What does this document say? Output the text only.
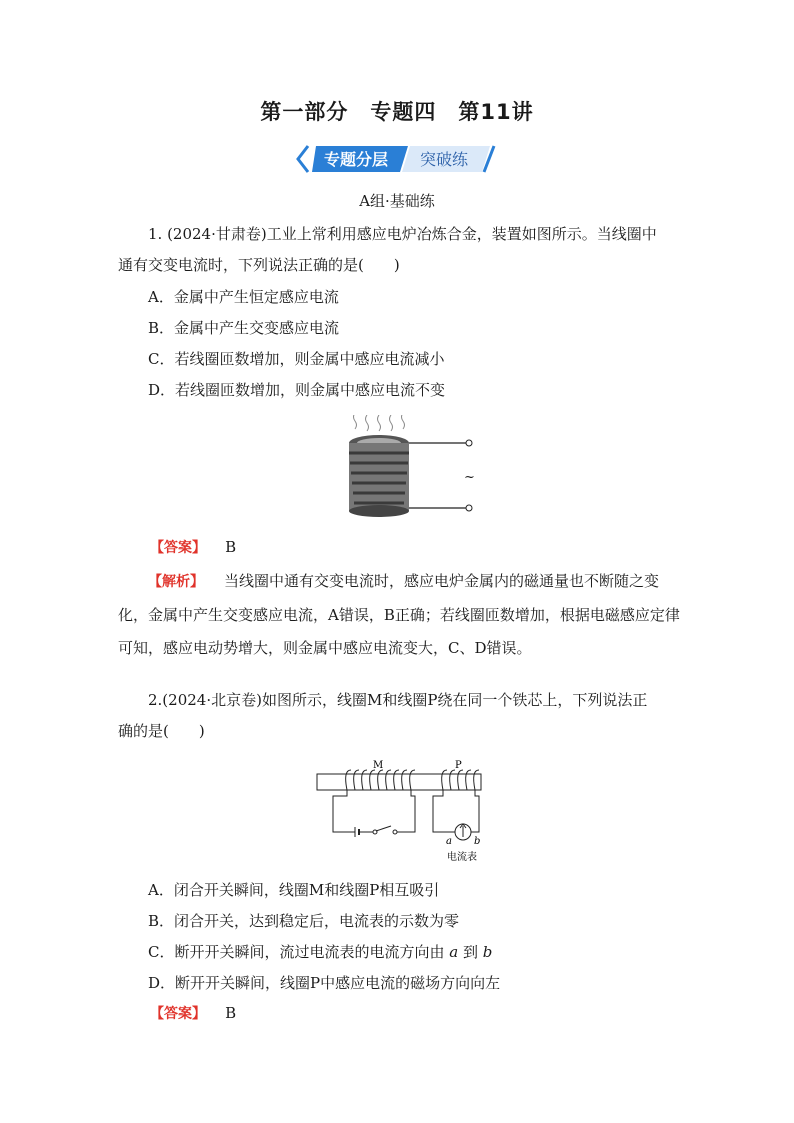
第一部分　专题四　第11讲
专题分层 突破练
A组·基础练
1. (2024·甘肃卷)工业上常利用感应电炉冶炼合金，装置如图所示。当线圈中
通有交变电流时，下列说法正确的是(　　)
A．金属中产生恒定感应电流
B．金属中产生交变感应电流
C．若线圈匝数增加，则金属中感应电流减小
D．若线圈匝数增加，则金属中感应电流不变
~
【答案】 B
【解析】 当线圈中通有交变电流时，感应电炉金属内的磁通量也不断随之变化，金属中产生交变感应电流，A错误，B正确；若线圈匝数增加，根据电磁感应定律可知，感应电动势增大，则金属中感应电流变大，C、D错误。
2.(2024·北京卷)如图所示，线圈M和线圈P绕在同一个铁芯上，下列说法正
确的是(　　)
M	P
a b
电流表
A．闭合开关瞬间，线圈M和线圈P相互吸引
B．闭合开关，达到稳定后，电流表的示数为零
C．断开开关瞬间，流过电流表的电流方向由 a 到 b
D．断开开关瞬间，线圈P中感应电流的磁场方向向左
【答案】 B
